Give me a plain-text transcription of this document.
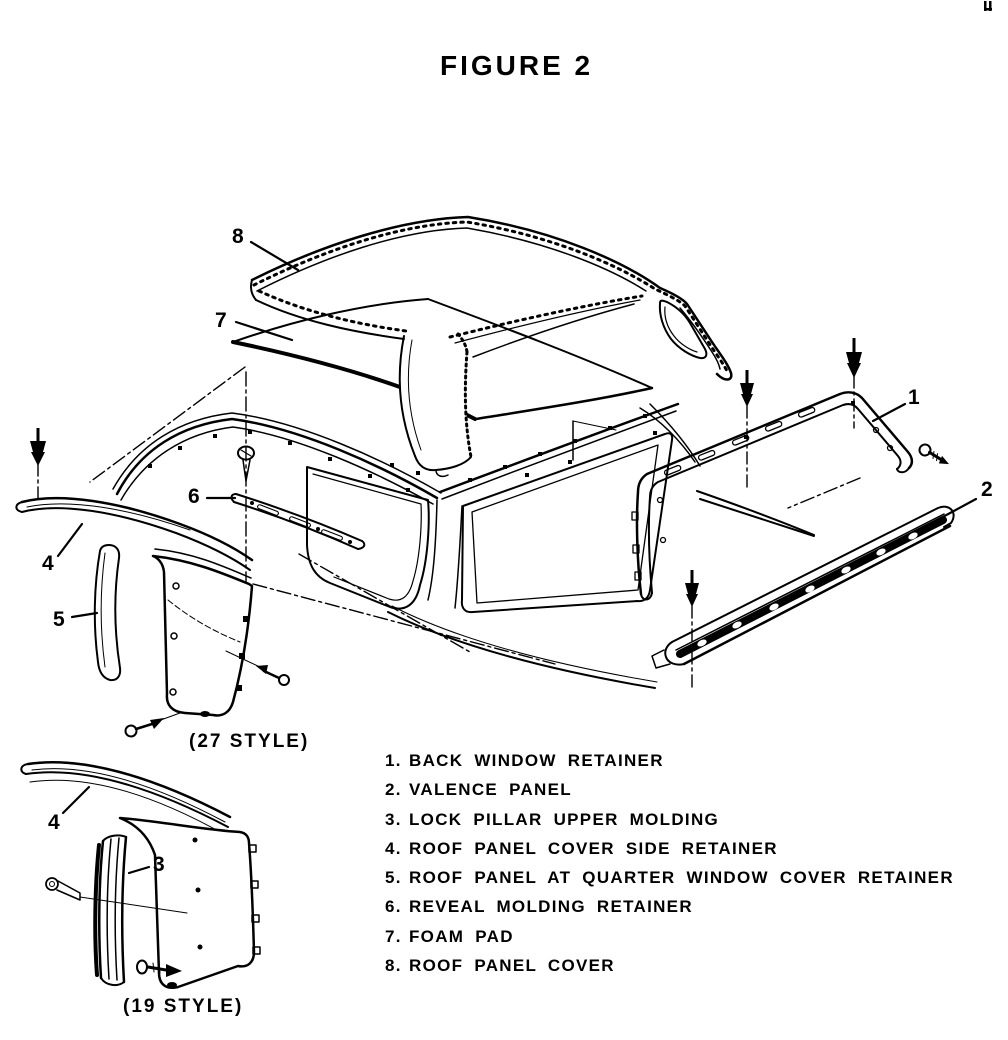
FIGURE 2
8
7
1
2
6
4
5
4
3
(27 STYLE)
(19 STYLE)
1. BACK WINDOW RETAINER
2. VALENCE PANEL
3. LOCK PILLAR UPPER MOLDING
4. ROOF PANEL COVER SIDE RETAINER
5. ROOF PANEL AT QUARTER WINDOW COVER RETAINER
6. REVEAL MOLDING RETAINER
7. FOAM PAD
8. ROOF PANEL COVER
